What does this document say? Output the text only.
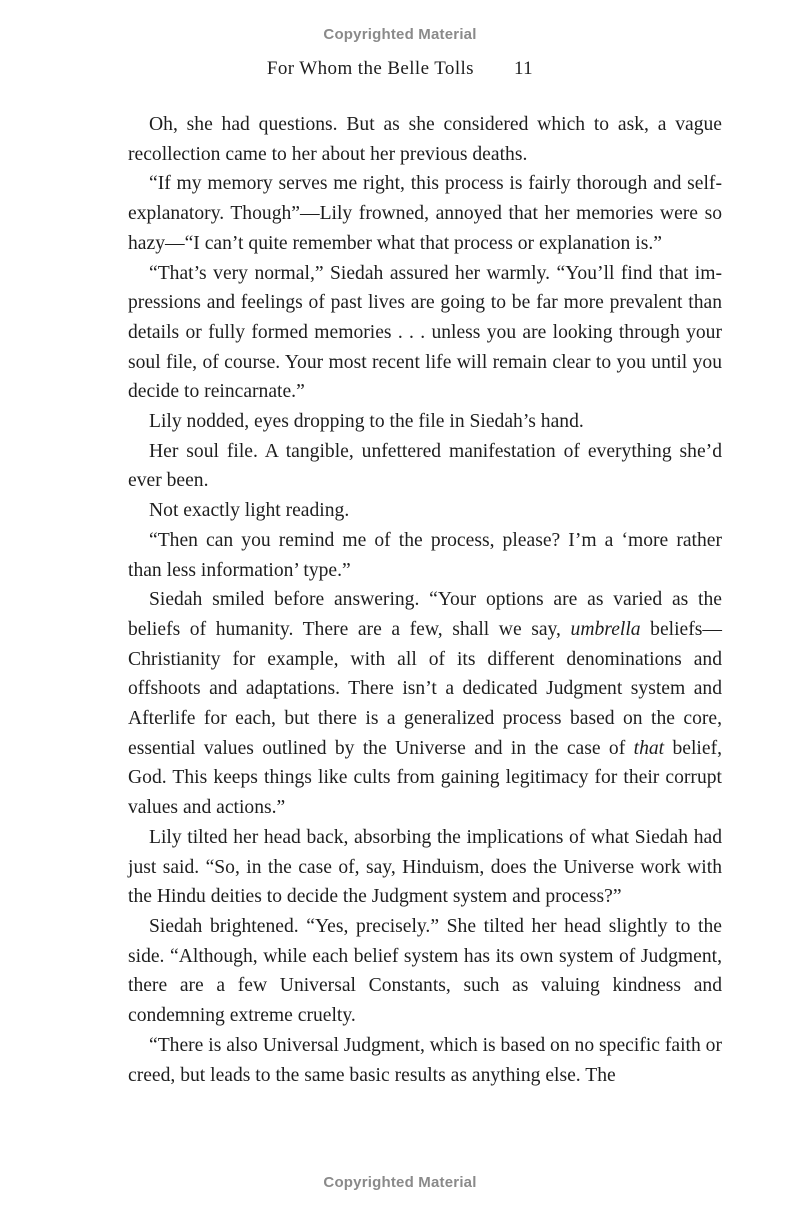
Copyrighted Material
For Whom the Belle Tolls 11

Oh, she had questions. But as she considered which to ask, a vague recollection came to her about her previous deaths.

“If my memory serves me right, this process is fairly thorough and self-explanatory. Though”—Lily frowned, annoyed that her memories were so hazy—“I can’t quite remember what that process or explanation is.”

“That’s very normal,” Siedah assured her warmly. “You’ll find that impressions and feelings of past lives are going to be far more prevalent than details or fully formed memories . . . unless you are looking through your soul file, of course. Your most recent life will remain clear to you until you decide to reincarnate.”

Lily nodded, eyes dropping to the file in Siedah’s hand.

Her soul file. A tangible, unfettered manifestation of everything she’d ever been.

Not exactly light reading.

“Then can you remind me of the process, please? I’m a ‘more rather than less information’ type.”

Siedah smiled before answering. “Your options are as varied as the beliefs of humanity. There are a few, shall we say, umbrella beliefs—Christianity for example, with all of its different denominations and offshoots and adaptations. There isn’t a dedicated Judgment system and Afterlife for each, but there is a generalized process based on the core, essential values outlined by the Universe and in the case of that belief, God. This keeps things like cults from gaining legitimacy for their corrupt values and actions.”

Lily tilted her head back, absorbing the implications of what Siedah had just said. “So, in the case of, say, Hinduism, does the Universe work with the Hindu deities to decide the Judgment system and process?”

Siedah brightened. “Yes, precisely.” She tilted her head slightly to the side. “Although, while each belief system has its own system of Judgment, there are a few Universal Constants, such as valuing kindness and condemning extreme cruelty.

“There is also Universal Judgment, which is based on no specific faith or creed, but leads to the same basic results as anything else. The

Copyrighted Material
